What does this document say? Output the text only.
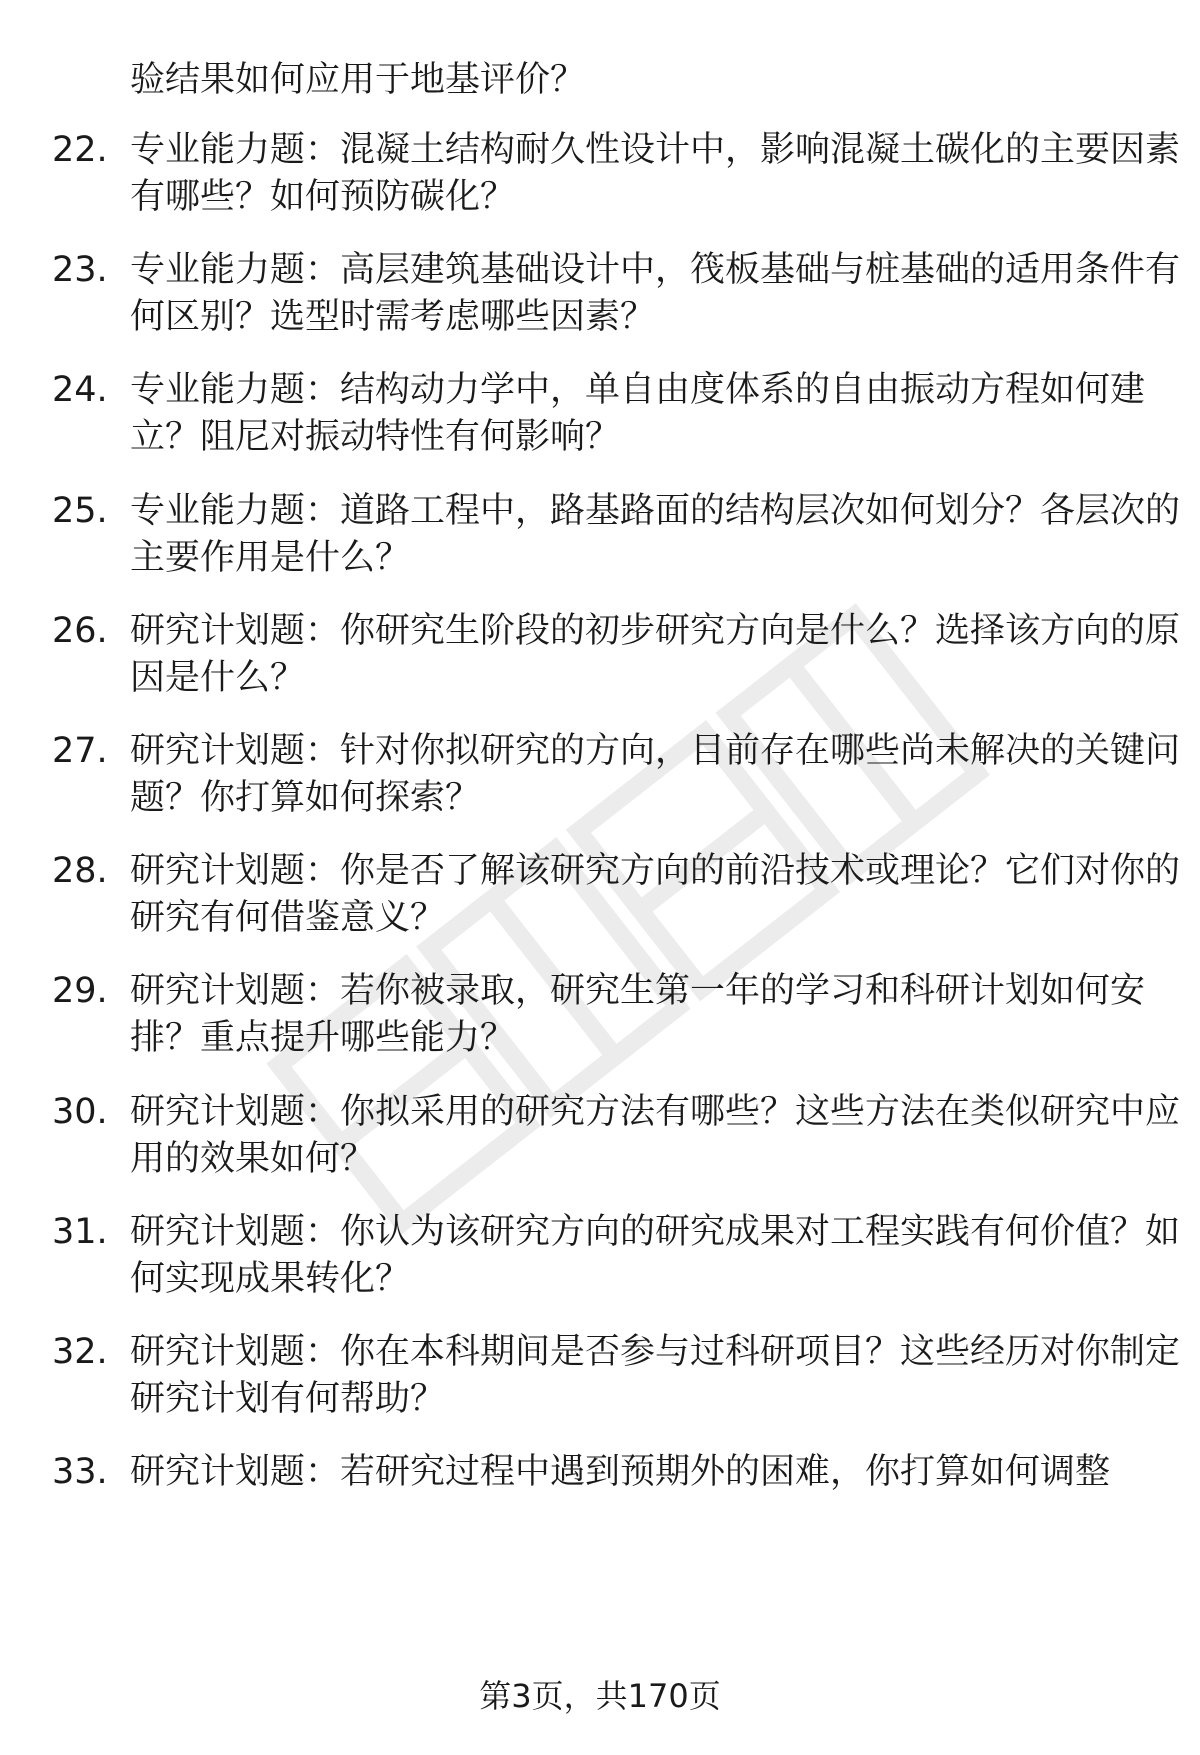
验结果如何应用于地基评价？
22. 专业能力题：混凝土结构耐久性设计中，影响混凝土碳化的主要因素有哪些？如何预防碳化？
23. 专业能力题：高层建筑基础设计中，筏板基础与桩基础的适用条件有何区别？选型时需考虑哪些因素？
24. 专业能力题：结构动力学中，单自由度体系的自由振动方程如何建立？阻尼对振动特性有何影响？
25. 专业能力题：道路工程中，路基路面的结构层次如何划分？各层次的主要作用是什么？
26. 研究计划题：你研究生阶段的初步研究方向是什么？选择该方向的原因是什么？
27. 研究计划题：针对你拟研究的方向，目前存在哪些尚未解决的关键问题？你打算如何探索？
28. 研究计划题：你是否了解该研究方向的前沿技术或理论？它们对你的研究有何借鉴意义？
29. 研究计划题：若你被录取，研究生第一年的学习和科研计划如何安排？重点提升哪些能力？
30. 研究计划题：你拟采用的研究方法有哪些？这些方法在类似研究中应用的效果如何？
31. 研究计划题：你认为该研究方向的研究成果对工程实践有何价值？如何实现成果转化？
32. 研究计划题：你在本科期间是否参与过科研项目？这些经历对你制定研究计划有何帮助？
33. 研究计划题：若研究过程中遇到预期外的困难，你打算如何调整
第3页，共170页
